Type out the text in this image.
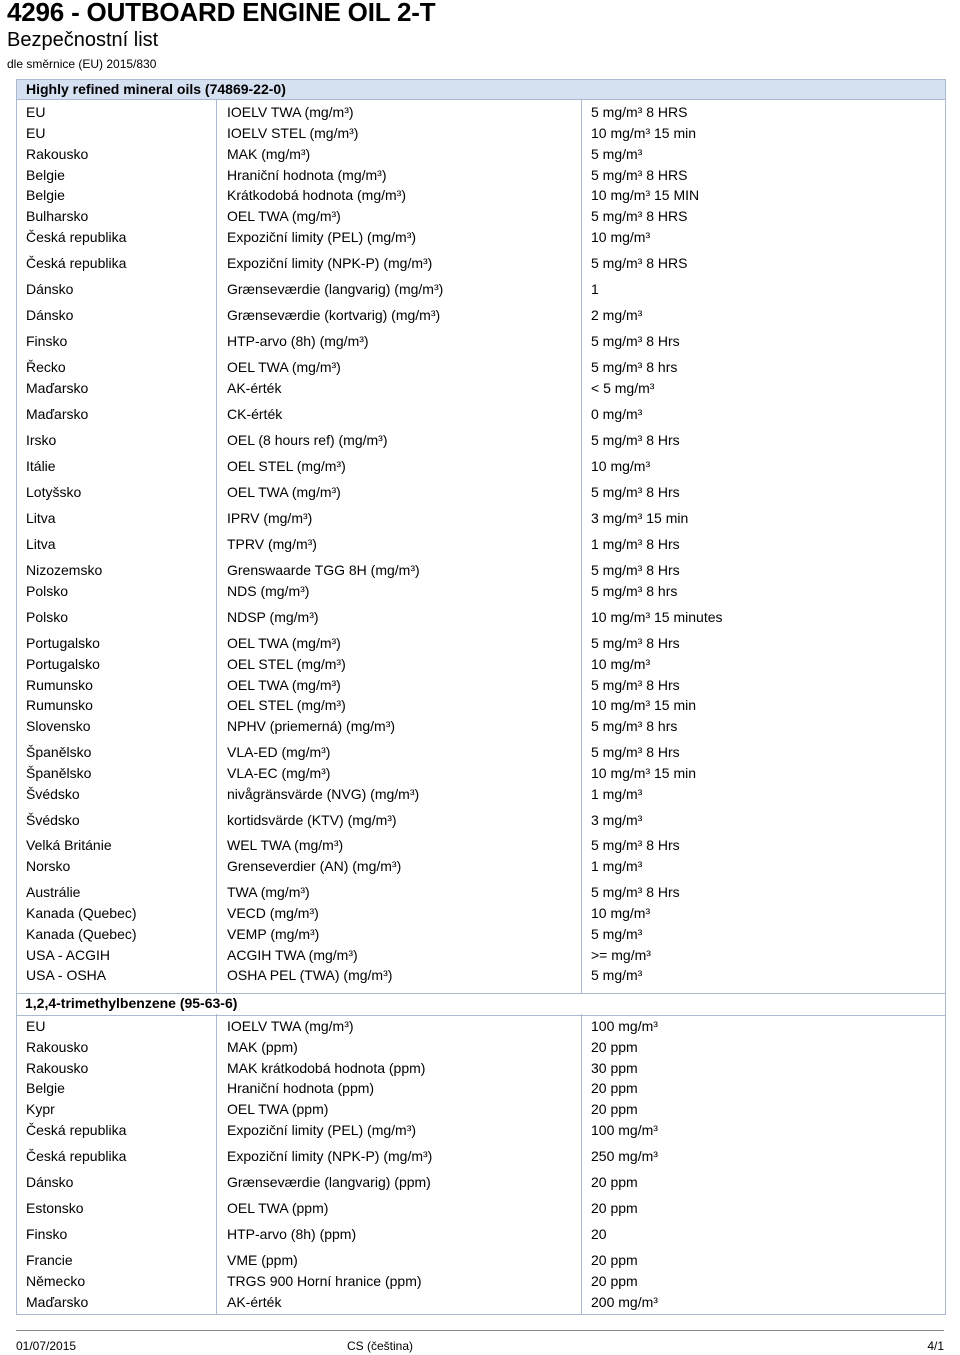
4296 - OUTBOARD ENGINE OIL 2-T
Bezpečnostní list
dle směrnice (EU) 2015/830
Highly refined mineral oils (74869-22-0)
EU	IOELV TWA (mg/m³)	5 mg/m³ 8 HRS
EU	IOELV STEL (mg/m³)	10 mg/m³ 15 min
Rakousko	MAK (mg/m³)	5 mg/m³
Belgie	Hraniční hodnota (mg/m³)	5 mg/m³ 8 HRS
Belgie	Krátkodobá hodnota (mg/m³)	10 mg/m³ 15 MIN
Bulharsko	OEL TWA (mg/m³)	5 mg/m³ 8 HRS
Česká republika	Expoziční limity (PEL) (mg/m³)	10 mg/m³
Česká republika	Expoziční limity (NPK-P) (mg/m³)	5 mg/m³ 8 HRS
Dánsko	Grænseværdie (langvarig) (mg/m³)	1
Dánsko	Grænseværdie (kortvarig) (mg/m³)	2 mg/m³
Finsko	HTP-arvo (8h) (mg/m³)	5 mg/m³ 8 Hrs
Řecko	OEL TWA (mg/m³)	5 mg/m³ 8 hrs
Maďarsko	AK-érték	< 5 mg/m³
Maďarsko	CK-érték	0 mg/m³
Irsko	OEL (8 hours ref) (mg/m³)	5 mg/m³ 8 Hrs
Itálie	OEL STEL (mg/m³)	10 mg/m³
Lotyšsko	OEL TWA (mg/m³)	5 mg/m³ 8 Hrs
Litva	IPRV (mg/m³)	3 mg/m³ 15 min
Litva	TPRV (mg/m³)	1 mg/m³ 8 Hrs
Nizozemsko	Grenswaarde TGG 8H (mg/m³)	5 mg/m³ 8 Hrs
Polsko	NDS (mg/m³)	5 mg/m³ 8 hrs
Polsko	NDSP (mg/m³)	10 mg/m³ 15 minutes
Portugalsko	OEL TWA (mg/m³)	5 mg/m³ 8 Hrs
Portugalsko	OEL STEL (mg/m³)	10 mg/m³
Rumunsko	OEL TWA (mg/m³)	5 mg/m³ 8 Hrs
Rumunsko	OEL STEL (mg/m³)	10 mg/m³ 15 min
Slovensko	NPHV (priemerná) (mg/m³)	5 mg/m³ 8 hrs
Španělsko	VLA-ED (mg/m³)	5 mg/m³ 8 Hrs
Španělsko	VLA-EC (mg/m³)	10 mg/m³ 15 min
Švédsko	nivågränsvärde (NVG) (mg/m³)	1 mg/m³
Švédsko	kortidsvärde (KTV) (mg/m³)	3 mg/m³
Velká Británie	WEL TWA (mg/m³)	5 mg/m³ 8 Hrs
Norsko	Grenseverdier (AN) (mg/m³)	1 mg/m³
Austrálie	TWA (mg/m³)	5 mg/m³ 8 Hrs
Kanada (Quebec)	VECD (mg/m³)	10 mg/m³
Kanada (Quebec)	VEMP (mg/m³)	5 mg/m³
USA - ACGIH	ACGIH TWA (mg/m³)	>= mg/m³
USA - OSHA	OSHA PEL (TWA) (mg/m³)	5 mg/m³
1,2,4-trimethylbenzene (95-63-6)
EU	IOELV TWA (mg/m³)	100 mg/m³
Rakousko	MAK (ppm)	20 ppm
Rakousko	MAK krátkodobá hodnota (ppm)	30 ppm
Belgie	Hraniční hodnota (ppm)	20 ppm
Kypr	OEL TWA (ppm)	20 ppm
Česká republika	Expoziční limity (PEL) (mg/m³)	100 mg/m³
Česká republika	Expoziční limity (NPK-P) (mg/m³)	250 mg/m³
Dánsko	Grænseværdie (langvarig) (ppm)	20 ppm
Estonsko	OEL TWA (ppm)	20 ppm
Finsko	HTP-arvo (8h) (ppm)	20
Francie	VME (ppm)	20 ppm
Německo	TRGS 900 Horní hranice (ppm)	20 ppm
Maďarsko	AK-érték	200 mg/m³
01/07/2015	CS (čeština)	4/1
